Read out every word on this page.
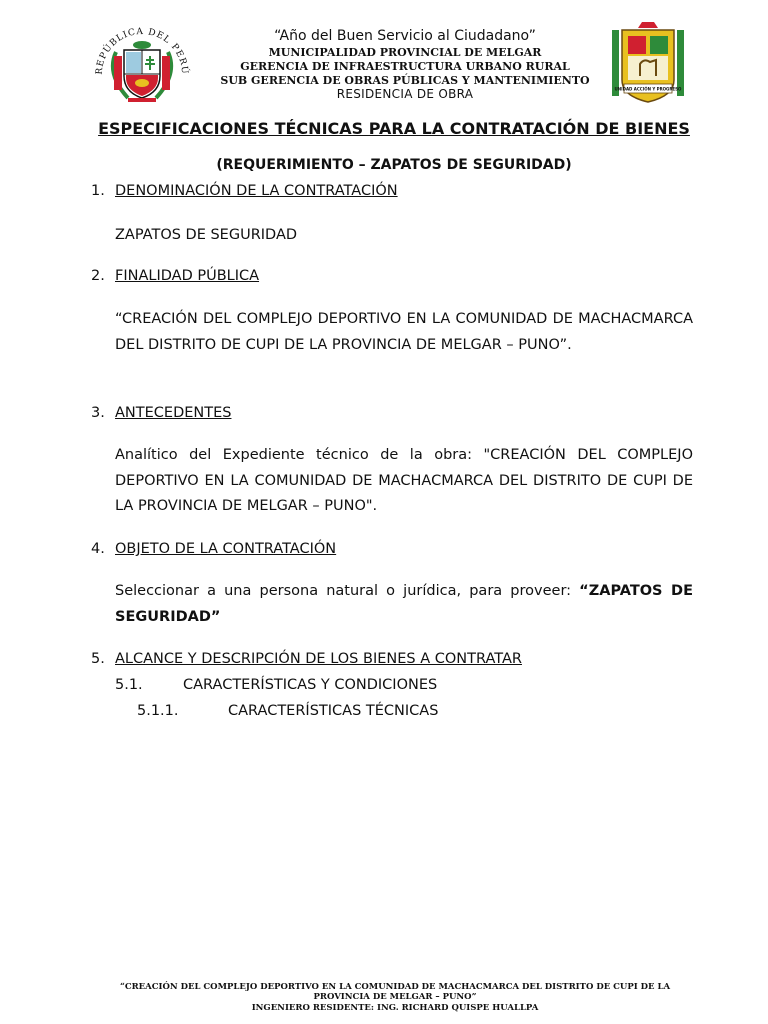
REPÚBLICA DEL PERÚ
UNIDAD ACCIÓN Y PROGRESO
“Año del Buen Servicio al Ciudadano”
MUNICIPALIDAD PROVINCIAL DE MELGAR
GERENCIA DE INFRAESTRUCTURA URBANO RURAL
SUB GERENCIA DE OBRAS PÚBLICAS Y MANTENIMIENTO
RESIDENCIA DE OBRA
ESPECIFICACIONES TÉCNICAS PARA LA CONTRATACIÓN DE BIENES
(REQUERIMIENTO – ZAPATOS DE SEGURIDAD)
1. DENOMINACIÓN DE LA CONTRATACIÓN
ZAPATOS DE SEGURIDAD
2. FINALIDAD PÚBLICA
“CREACIÓN DEL COMPLEJO DEPORTIVO EN LA COMUNIDAD DE MACHACMARCA DEL DISTRITO DE CUPI DE LA PROVINCIA DE MELGAR – PUNO”.
3. ANTECEDENTES
Analítico del Expediente técnico de la obra: "CREACIÓN DEL COMPLEJO DEPORTIVO EN LA COMUNIDAD DE MACHACMARCA DEL DISTRITO DE CUPI DE LA PROVINCIA DE MELGAR – PUNO".
4. OBJETO DE LA CONTRATACIÓN
Seleccionar a una persona natural o jurídica, para proveer: “ZAPATOS DE SEGURIDAD”
5. ALCANCE Y DESCRIPCIÓN DE LOS BIENES A CONTRATAR
5.1.	CARACTERÍSTICAS Y CONDICIONES
5.1.1.	CARACTERÍSTICAS TÉCNICAS
“CREACIÓN DEL COMPLEJO DEPORTIVO EN LA COMUNIDAD DE MACHACMARCA DEL DISTRITO DE CUPI DE LA
PROVINCIA DE MELGAR – PUNO”
INGENIERO RESIDENTE: ING. RICHARD QUISPE HUALLPA
